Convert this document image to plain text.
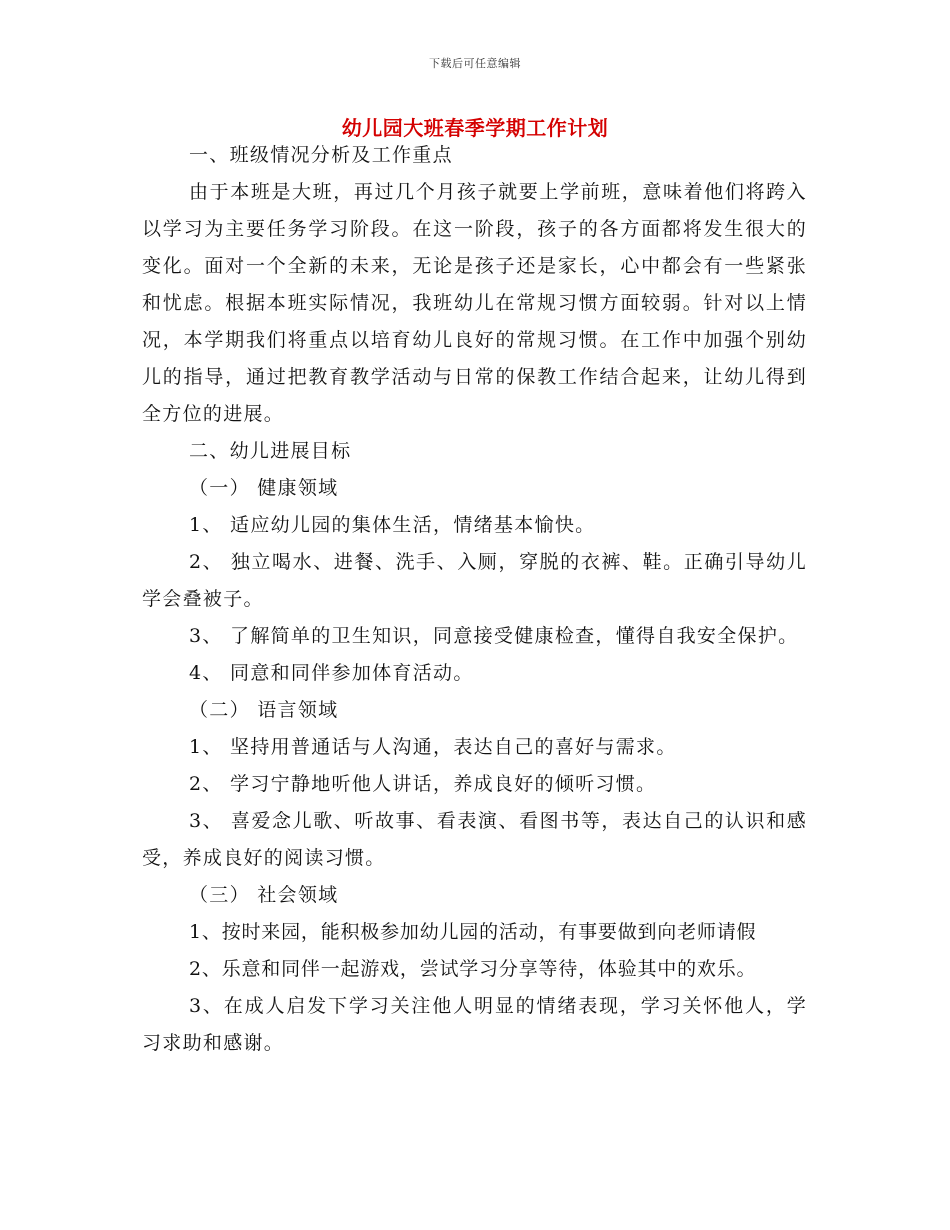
下载后可任意编辑
幼儿园大班春季学期工作计划

一、班级情况分析及工作重点

由于本班是大班，再过几个月孩子就要上学前班，意味着他们将跨入以学习为主要任务学习阶段。在这一阶段，孩子的各方面都将发生很大的变化。面对一个全新的未来，无论是孩子还是家长，心中都会有一些紧张和忧虑。根据本班实际情况，我班幼儿在常规习惯方面较弱。针对以上情况，本学期我们将重点以培育幼儿良好的常规习惯。在工作中加强个别幼儿的指导，通过把教育教学活动与日常的保教工作结合起来，让幼儿得到全方位的进展。

二、幼儿进展目标

（一） 健康领域

1、 适应幼儿园的集体生活，情绪基本愉快。

2、 独立喝水、进餐、洗手、入厕，穿脱的衣裤、鞋。正确引导幼儿学会叠被子。

3、 了解简单的卫生知识，同意接受健康检查，懂得自我安全保护。

4、 同意和同伴参加体育活动。

（二） 语言领域

1、 坚持用普通话与人沟通，表达自己的喜好与需求。

2、 学习宁静地听他人讲话，养成良好的倾听习惯。

3、 喜爱念儿歌、听故事、看表演、看图书等，表达自己的认识和感受，养成良好的阅读习惯。

（三） 社会领域

1、按时来园，能积极参加幼儿园的活动，有事要做到向老师请假

2、乐意和同伴一起游戏，尝试学习分享等待，体验其中的欢乐。

3、在成人启发下学习关注他人明显的情绪表现，学习关怀他人，学习求助和感谢。
